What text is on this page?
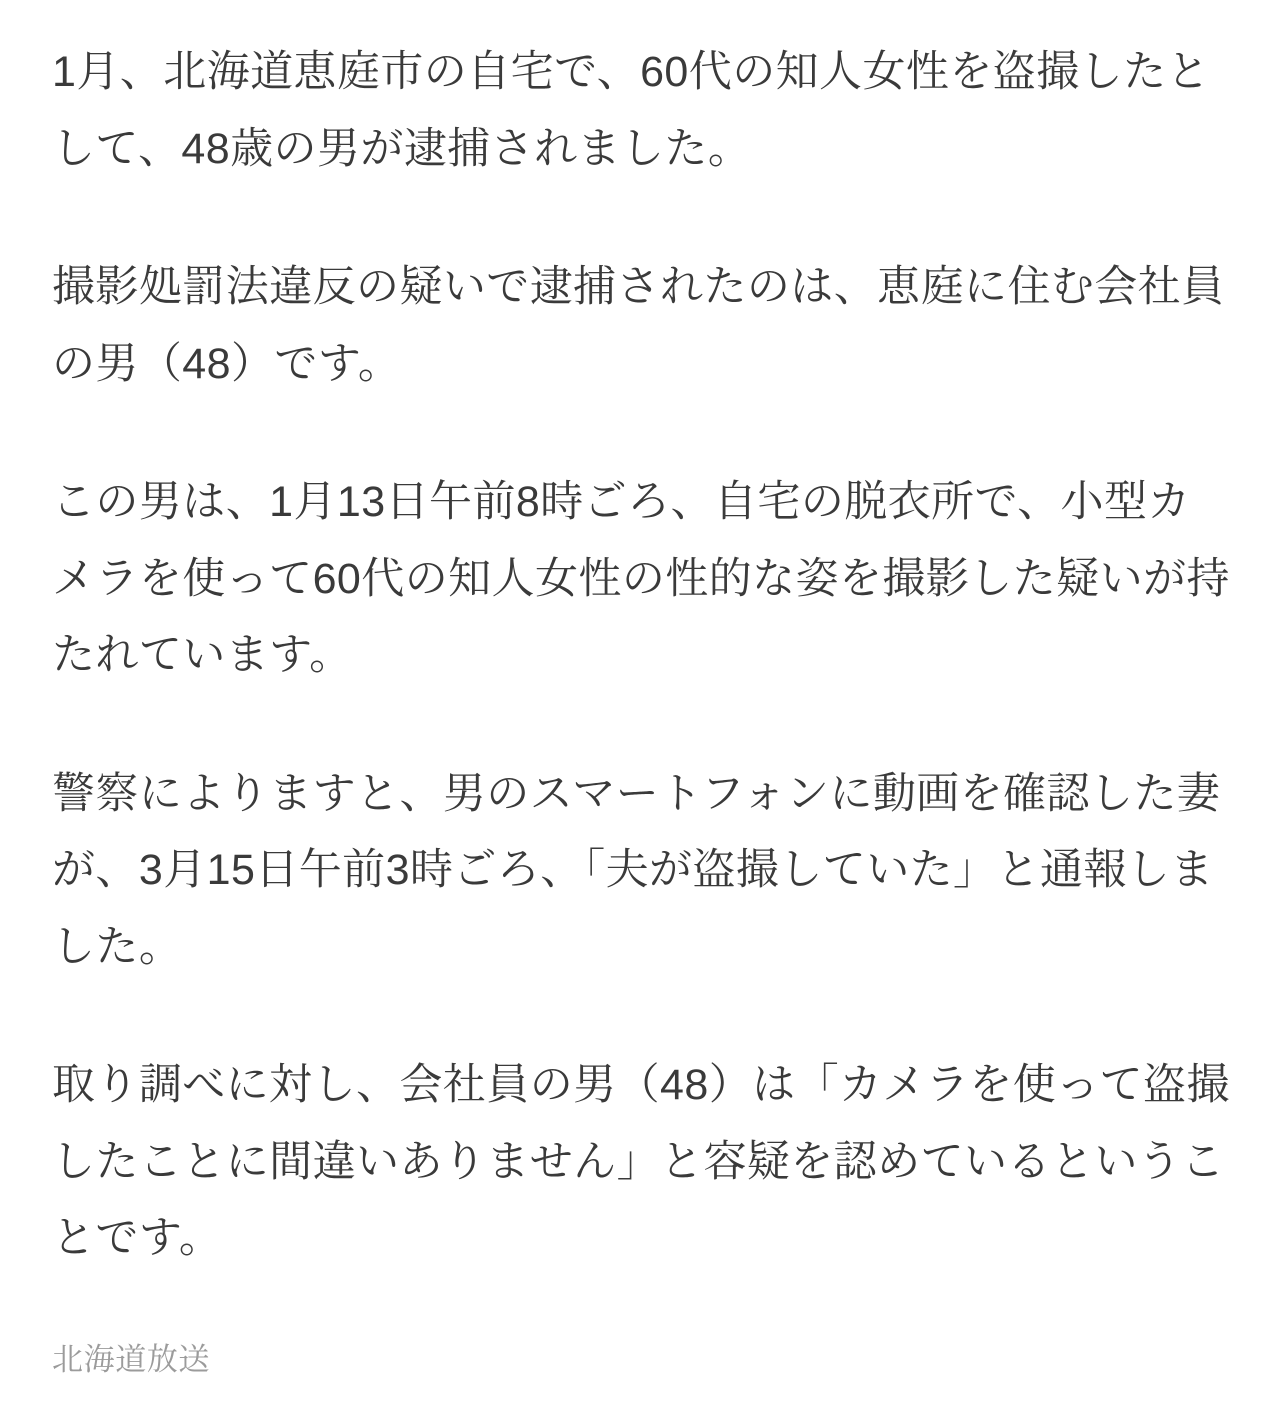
1月、北海道恵庭市の自宅で、60代の知人女性を盗撮したとして、48歳の男が逮捕されました。

撮影処罰法違反の疑いで逮捕されたのは、恵庭に住む会社員の男（48）です。

この男は、1月13日午前8時ごろ、自宅の脱衣所で、小型カメラを使って60代の知人女性の性的な姿を撮影した疑いが持たれています。

警察によりますと、男のスマートフォンに動画を確認した妻が、3月15日午前3時ごろ、「夫が盗撮していた」と通報しました。

取り調べに対し、会社員の男（48）は「カメラを使って盗撮したことに間違いありません」と容疑を認めているということです。

北海道放送
